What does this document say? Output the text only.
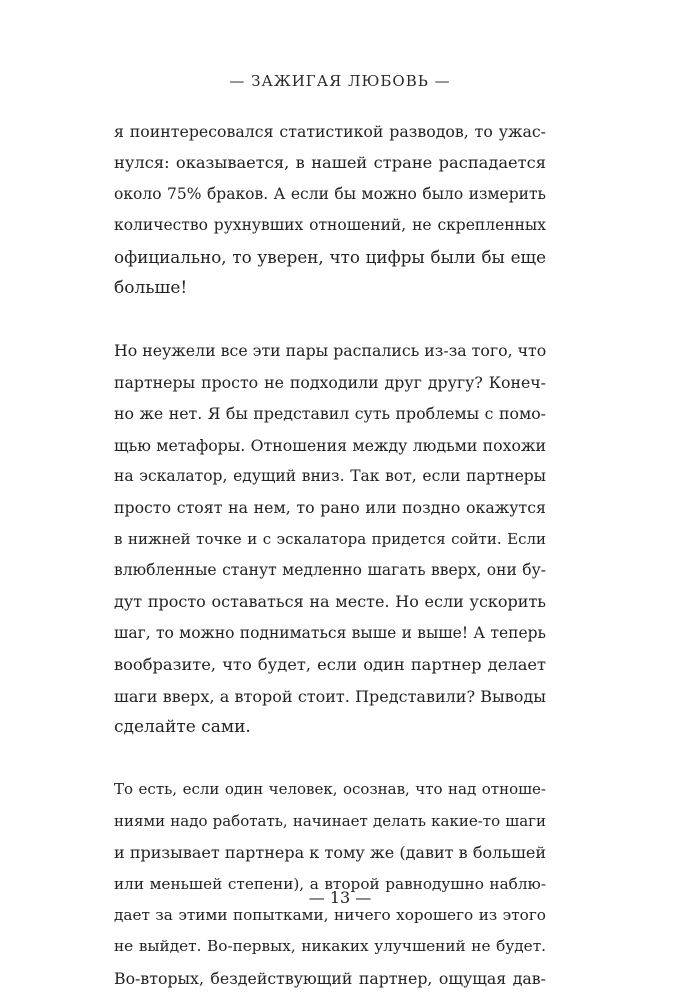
— ЗАЖИГАЯ ЛЮБОВЬ —

я поинтересовался статистикой разводов, то ужас-
нулся: оказывается, в нашей стране распадается
около 75% браков. А если бы можно было измерить
количество рухнувших отношений, не скрепленных
официально, то уверен, что цифры были бы еще
больше!

Но неужели все эти пары распались из-за того, что
партнеры просто не подходили друг другу? Конеч-
но же нет. Я бы представил суть проблемы с помо-
щью метафоры. Отношения между людьми похожи
на эскалатор, едущий вниз. Так вот, если партнеры
просто стоят на нем, то рано или поздно окажутся
в нижней точке и с эскалатора придется сойти. Если
влюбленные станут медленно шагать вверх, они бу-
дут просто оставаться на месте. Но если ускорить
шаг, то можно подниматься выше и выше! А теперь
вообразите, что будет, если один партнер делает
шаги вверх, а второй стоит. Представили? Выводы
сделайте сами.

То есть, если один человек, осознав, что над отноше-
ниями надо работать, начинает делать какие-то шаги
и призывает партнера к тому же (давит в большей
или меньшей степени), а второй равнодушно наблю-
дает за этими попытками, ничего хорошего из этого
не выйдет. Во-первых, никаких улучшений не будет.
Во-вторых, бездействующий партнер, ощущая дав-

— 13 —
